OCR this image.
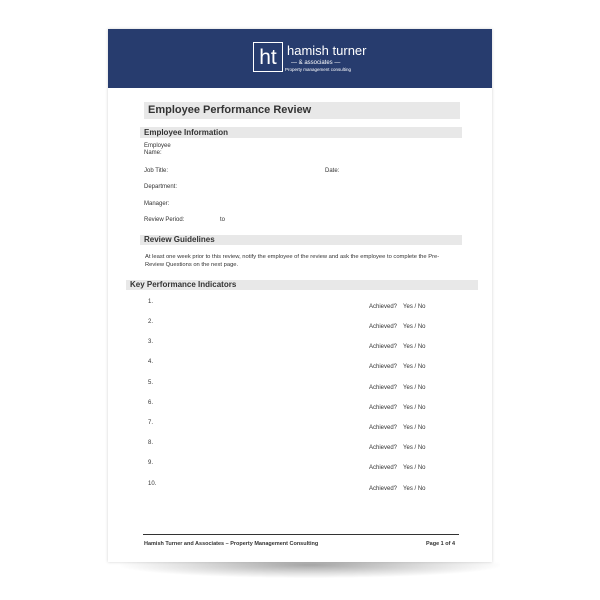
ht hamish turner
— & associates —
Property management consulting
Employee Performance Review
Employee Information
Employee
Name:
Job Title:	Date:
Department:
Manager:
Review Period:	to
Review Guidelines
At least one week prior to this review, notify the employee of the review and ask the employee to complete the Pre-Review Questions on the next page.
Key Performance Indicators
1.
Achieved? Yes / No
2.
Achieved? Yes / No
3.
Achieved? Yes / No
4.
Achieved? Yes / No
5.
Achieved? Yes / No
6.
Achieved? Yes / No
7.
Achieved? Yes / No
8.
Achieved? Yes / No
9.
Achieved? Yes / No
10.
Achieved? Yes / No
Hamish Turner and Associates – Property Management Consulting	Page 1 of 4
